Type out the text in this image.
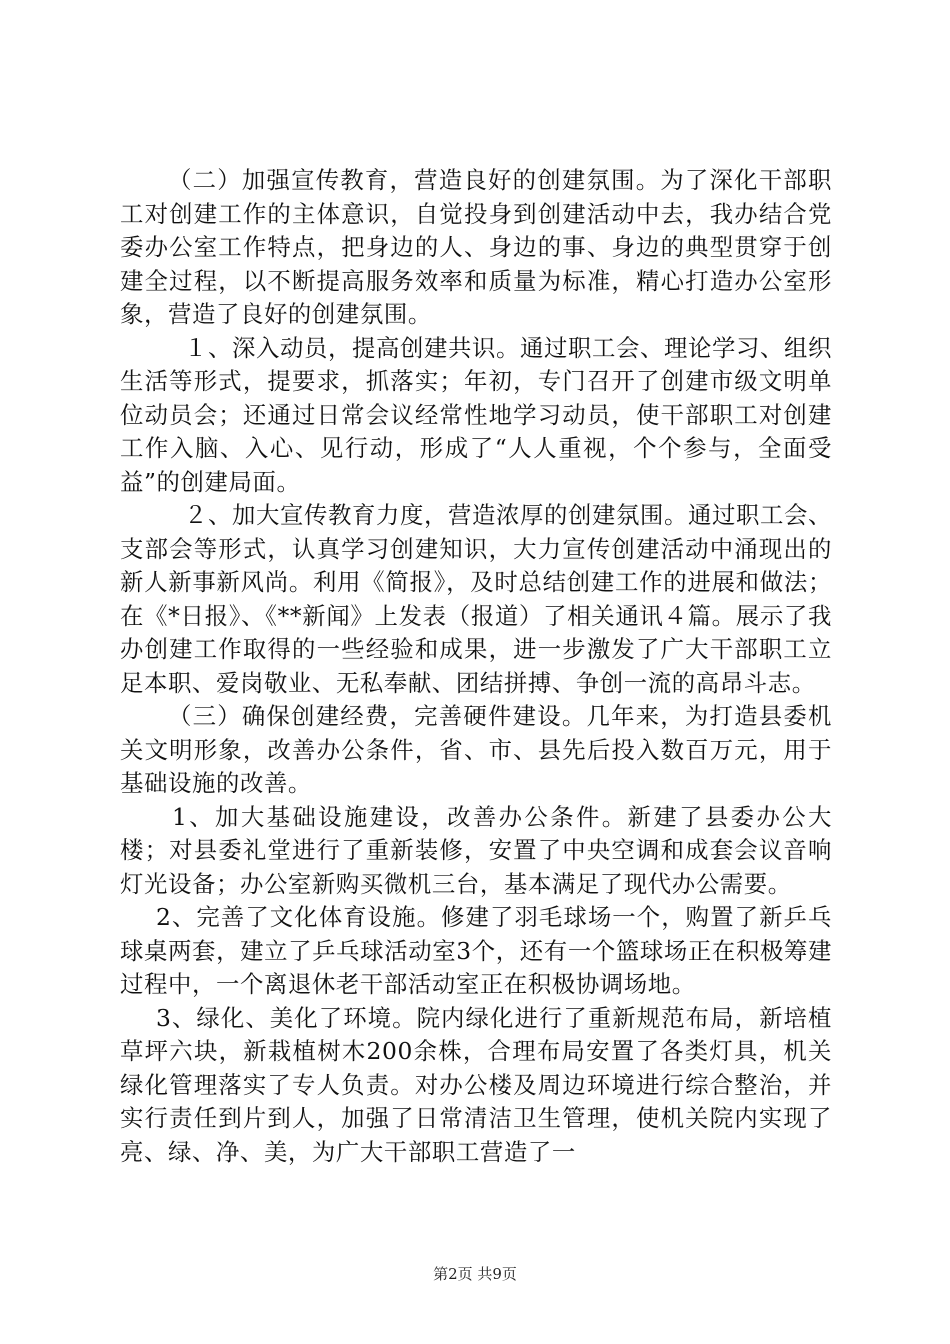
（二）加强宣传教育，营造良好的创建氛围。为了深化干部职工对创建工作的主体意识，自觉投身到创建活动中去，我办结合党委办公室工作特点，把身边的人、身边的事、身边的典型贯穿于创建全过程，以不断提高服务效率和质量为标准，精心打造办公室形象，营造了良好的创建氛围。

１、深入动员，提高创建共识。通过职工会、理论学习、组织生活等形式，提要求，抓落实；年初，专门召开了创建市级文明单位动员会；还通过日常会议经常性地学习动员，使干部职工对创建工作入脑、入心、见行动，形成了“人人重视，个个参与，全面受益”的创建局面。

２、加大宣传教育力度，营造浓厚的创建氛围。通过职工会、支部会等形式，认真学习创建知识，大力宣传创建活动中涌现出的新人新事新风尚。利用《简报》，及时总结创建工作的进展和做法；在《*日报》、《**新闻》上发表（报道）了相关通讯４篇。展示了我办创建工作取得的一些经验和成果，进一步激发了广大干部职工立足本职、爱岗敬业、无私奉献、团结拼搏、争创一流的高昂斗志。

（三）确保创建经费，完善硬件建设。几年来，为打造县委机关文明形象，改善办公条件，省、市、县先后投入数百万元，用于基础设施的改善。

1、加大基础设施建设，改善办公条件。新建了县委办公大楼；对县委礼堂进行了重新装修，安置了中央空调和成套会议音响灯光设备；办公室新购买微机三台，基本满足了现代办公需要。

2、完善了文化体育设施。修建了羽毛球场一个，购置了新乒乓球桌两套，建立了乒乓球活动室3个，还有一个篮球场正在积极筹建过程中，一个离退休老干部活动室正在积极协调场地。

3、绿化、美化了环境。院内绿化进行了重新规范布局，新培植草坪六块，新栽植树木200余株，合理布局安置了各类灯具，机关绿化管理落实了专人负责。对办公楼及周边环境进行综合整治，并实行责任到片到人，加强了日常清洁卫生管理，使机关院内实现了亮、绿、净、美，为广大干部职工营造了一

第2页 共9页
